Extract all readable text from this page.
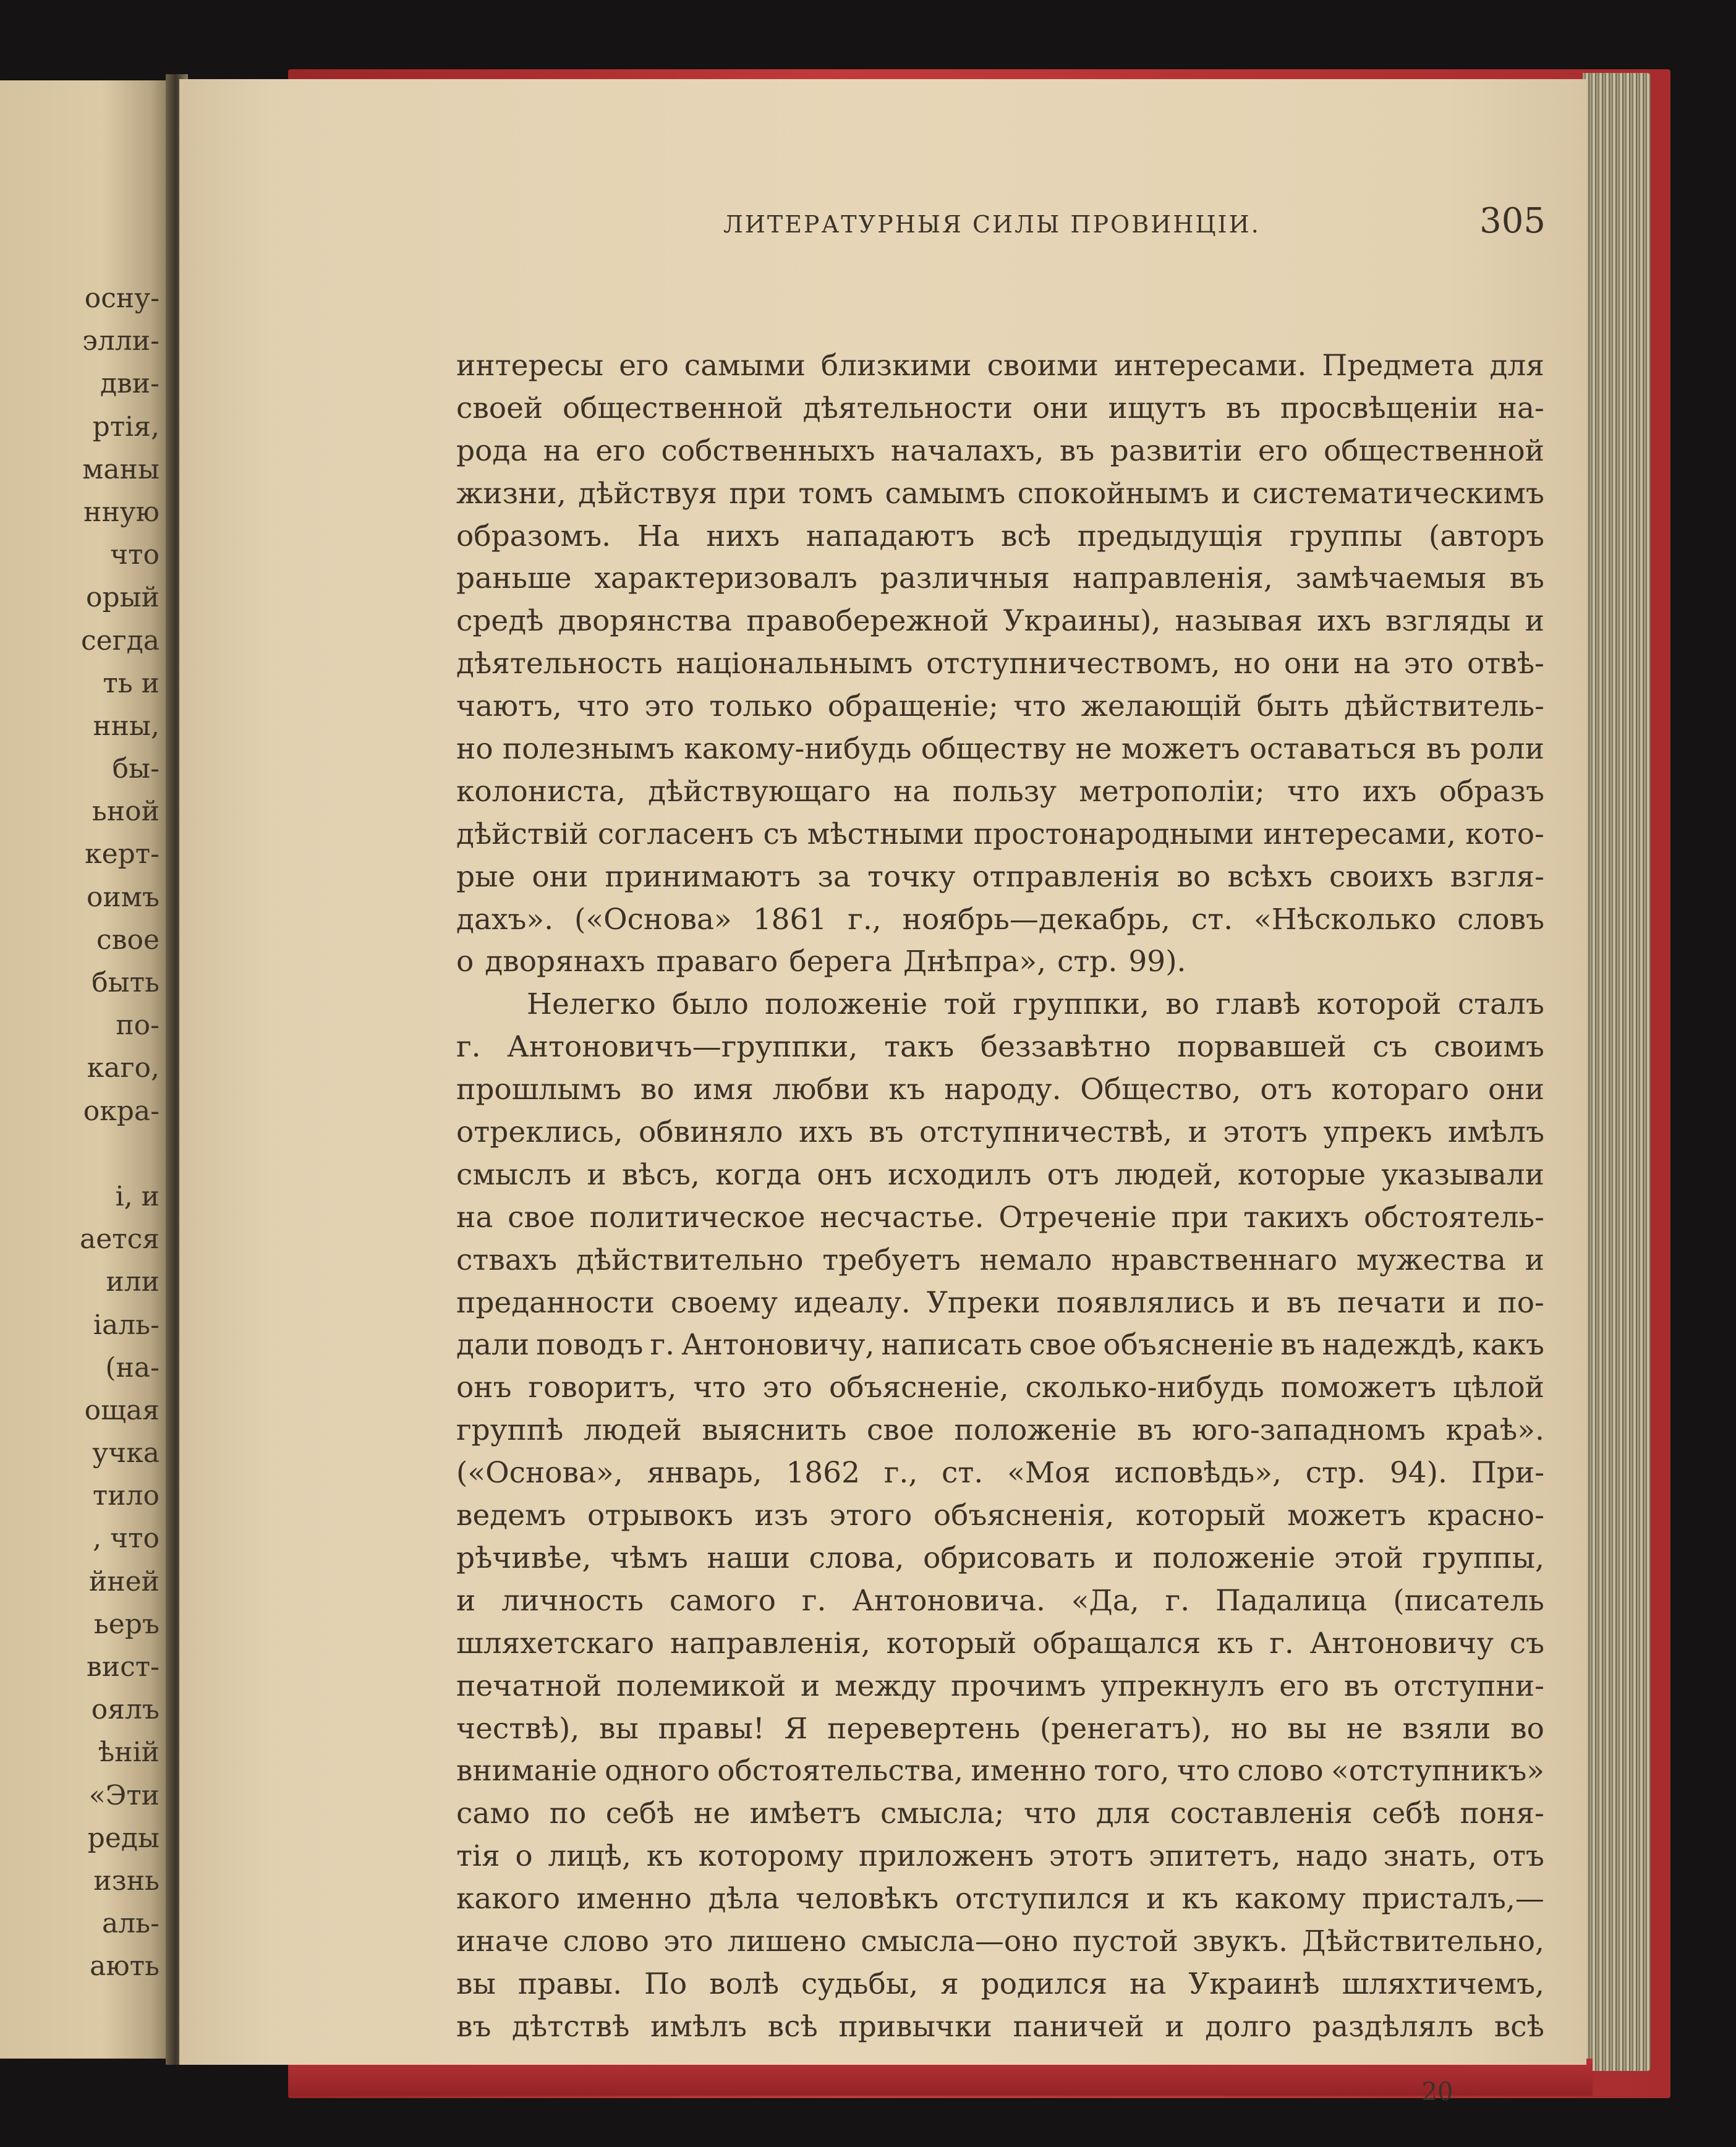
осну-
элли-
дви-
ртія,
маны
нную
что
орый
сегда
ть и
нны,
бы-
ьной
керт-
оимъ
свое
быть
по-
каго,
окра-
і, и
ается
или
іаль-
(на-
ощая
учка
тило
, что
йней
ьеръ
вист-
оялъ
ѣній
«Эти
реды
изнь
аль-
ають
ЛИТЕРАТУРНЫЯ СИЛЫ ПРОВИНЦІИ.	305
интересы его самыми близкими своими интересами. Предмета для
своей общественной дѣятельности они ищутъ въ просвѣщеніи на-
рода на его собственныхъ началахъ, въ развитіи его общественной
жизни, дѣйствуя при томъ самымъ спокойнымъ и систематическимъ
образомъ. На нихъ нападаютъ всѣ предыдущія группы (авторъ
раньше характеризовалъ различныя направленія, замѣчаемыя въ
средѣ дворянства правобережной Украины), называя ихъ взгляды и
дѣятельность національнымъ отступничествомъ, но они на это отвѣ-
чаютъ, что это только обращеніе; что желающій быть дѣйствитель-
но полезнымъ какому-нибудь обществу не можетъ оставаться въ роли
колониста, дѣйствующаго на пользу метрополіи; что ихъ образъ
дѣйствій согласенъ съ мѣстными простонародными интересами, кото-
рые они принимаютъ за точку отправленія во всѣхъ своихъ взгля-
дахъ». («Основа» 1861 г., ноябрь—декабрь, ст. «Нѣсколько словъ
о дворянахъ праваго берега Днѣпра», стр. 99).
Нелегко было положеніе той группки, во главѣ которой сталъ
г. Антоновичъ—группки, такъ беззавѣтно порвавшей съ своимъ
прошлымъ во имя любви къ народу. Общество, отъ котораго они
отреклись, обвиняло ихъ въ отступничествѣ, и этотъ упрекъ имѣлъ
смыслъ и вѣсъ, когда онъ исходилъ отъ людей, которые указывали
на свое политическое несчастье. Отреченіе при такихъ обстоятель-
ствахъ дѣйствительно требуетъ немало нравственнаго мужества и
преданности своему идеалу. Упреки появлялись и въ печати и по-
дали поводъ г. Антоновичу, написать свое объясненіе въ надеждѣ, какъ
онъ говоритъ, что это объясненіе, сколько-нибудь поможетъ цѣлой
группѣ людей выяснить свое положеніе въ юго-западномъ краѣ».
(«Основа», январь, 1862 г., ст. «Моя исповѣдь», стр. 94). При-
ведемъ отрывокъ изъ этого объясненія, который можетъ красно-
рѣчивѣе, чѣмъ наши слова, обрисовать и положеніе этой группы,
и личность самого г. Антоновича. «Да, г. Падалица (писатель
шляхетскаго направленія, который обращался къ г. Антоновичу съ
печатной полемикой и между прочимъ упрекнулъ его въ отступни-
чествѣ), вы правы! Я перевертень (ренегатъ), но вы не взяли во
вниманіе одного обстоятельства, именно того, что слово «отступникъ»
само по себѣ не имѣетъ смысла; что для составленія себѣ поня-
тія о лицѣ, къ которому приложенъ этотъ эпитетъ, надо знать, отъ
какого именно дѣла человѣкъ отступился и къ какому присталъ,—
иначе слово это лишено смысла—оно пустой звукъ. Дѣйствительно,
вы правы. По волѣ судьбы, я родился на Украинѣ шляхтичемъ,
въ дѣтствѣ имѣлъ всѣ привычки паничей и долго раздѣлялъ всѣ
20
